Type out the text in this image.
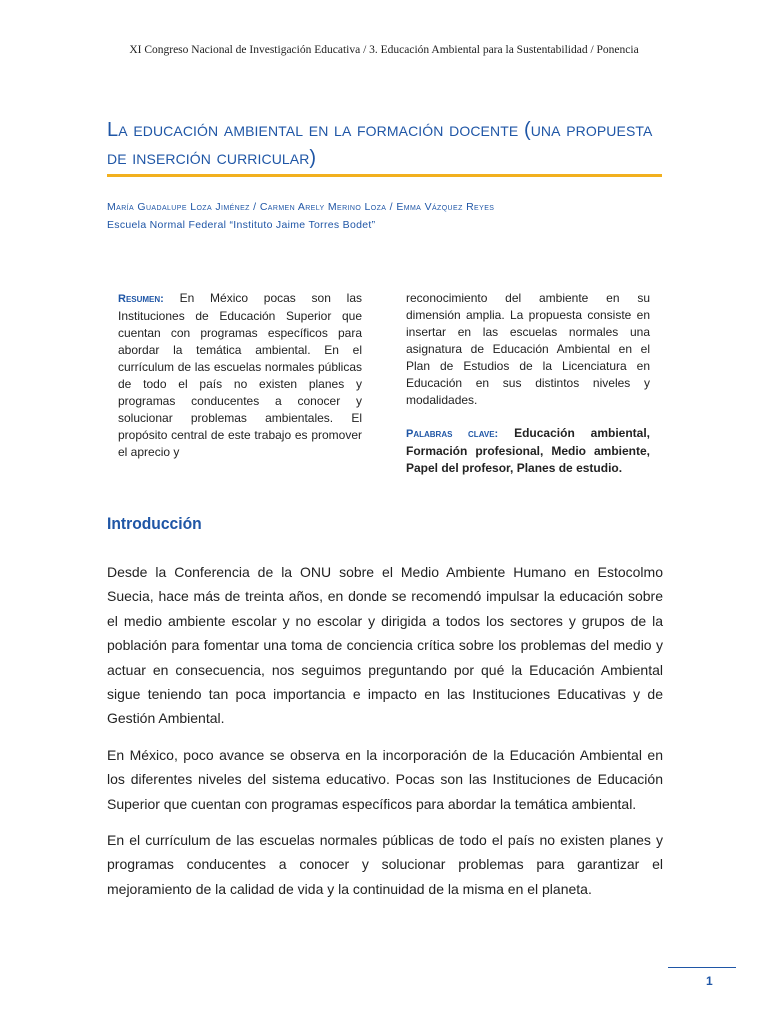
XI Congreso Nacional de Investigación Educativa / 3. Educación Ambiental para la Sustentabilidad / Ponencia
La educación ambiental en la formación docente (una propuesta de inserción curricular)
María Guadalupe Loza Jiménez / Carmen Arely Merino Loza / Emma Vázquez Reyes
Escuela Normal Federal “Instituto Jaime Torres Bodet”
Resumen: En México pocas son las Instituciones de Educación Superior que cuentan con programas específicos para abordar la temática ambiental. En el currículum de las escuelas normales públicas de todo el país no existen planes y programas conducentes a conocer y solucionar problemas ambientales. El propósito central de este trabajo es promover el aprecio y
reconocimiento del ambiente en su dimensión amplia. La propuesta consiste en insertar en las escuelas normales una asignatura de Educación Ambiental en el Plan de Estudios de la Licenciatura en Educación en sus distintos niveles y modalidades.
Palabras clave: Educación ambiental, Formación profesional, Medio ambiente, Papel del profesor, Planes de estudio.
Introducción

Desde la Conferencia de la ONU sobre el Medio Ambiente Humano en Estocolmo Suecia, hace más de treinta años, en donde se recomendó impulsar la educación sobre el medio ambiente escolar y no escolar y dirigida a todos los sectores y grupos de la población para fomentar una toma de conciencia crítica sobre los problemas del medio y actuar en consecuencia, nos seguimos preguntando por qué la Educación Ambiental sigue teniendo tan poca importancia e impacto en las Instituciones Educativas y de Gestión Ambiental.

En México, poco avance se observa en la incorporación de la Educación Ambiental en los diferentes niveles del sistema educativo. Pocas son las Instituciones de Educación Superior que cuentan con programas específicos para abordar la temática ambiental.

En el currículum de las escuelas normales públicas de todo el país no existen planes y programas conducentes a conocer y solucionar problemas para garantizar el mejoramiento de la calidad de vida y la continuidad de la misma en el planeta.

1
